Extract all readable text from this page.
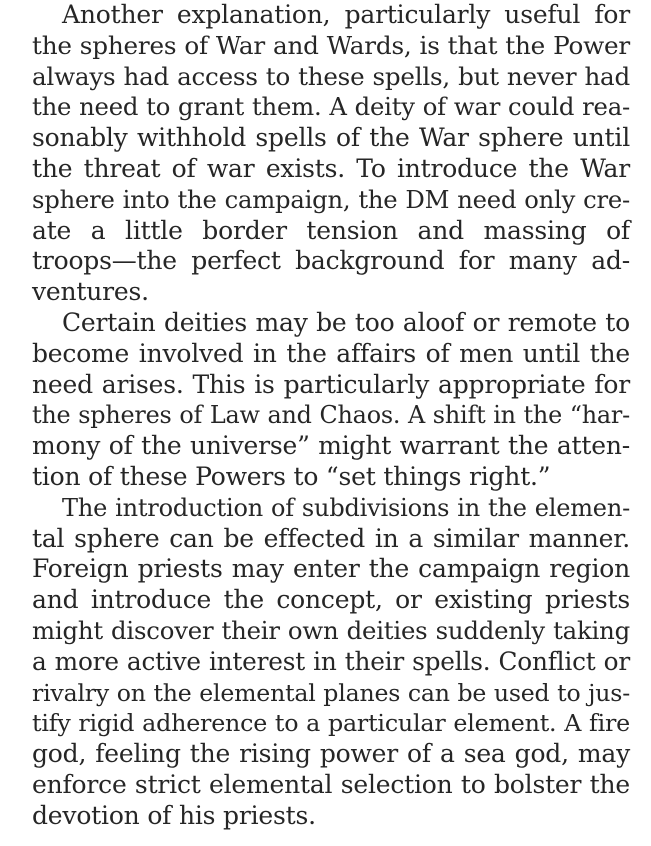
Another explanation, particularly useful for
the spheres of War and Wards, is that the Power
always had access to these spells, but never had
the need to grant them. A deity of war could rea-
sonably withhold spells of the War sphere until
the threat of war exists. To introduce the War
sphere into the campaign, the DM need only cre-
ate a little border tension and massing of
troops—the perfect background for many ad-
ventures.

Certain deities may be too aloof or remote to
become involved in the affairs of men until the
need arises. This is particularly appropriate for
the spheres of Law and Chaos. A shift in the “har-
mony of the universe” might warrant the atten-
tion of these Powers to “set things right.”

The introduction of subdivisions in the elemen-
tal sphere can be effected in a similar manner.
Foreign priests may enter the campaign region
and introduce the concept, or existing priests
might discover their own deities suddenly taking
a more active interest in their spells. Conflict or
rivalry on the elemental planes can be used to jus-
tify rigid adherence to a particular element. A fire
god, feeling the rising power of a sea god, may
enforce strict elemental selection to bolster the
devotion of his priests.
